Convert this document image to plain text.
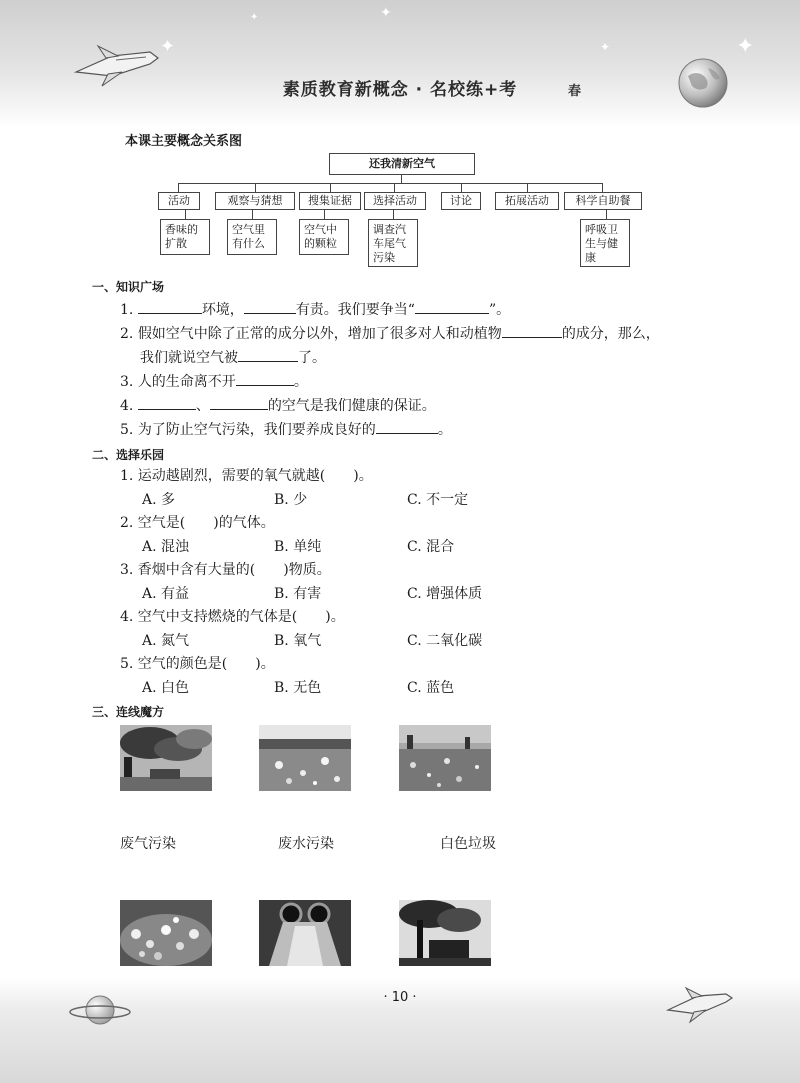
✦
✦	✦
✦
✦
素质教育新概念 · 名校练+考	春
本课主要概念关系图
还我清新空气
活动	观察与猜想	搜集证据	选择活动	讨论	拓展活动	科学自助餐
香味的扩散
空气里有什么
空气中的颗粒
调查汽车尾气污染
呼吸卫生与健康
一、知识广场
1.	环境，	有责。我们要争当“	”。
2. 假如空气中除了正常的成分以外，增加了很多对人和动植物	的成分，那么，
我们就说空气被	了。
3. 人的生命离不开	。
4.	、	的空气是我们健康的保证。
5. 为了防止空气污染，我们要养成良好的	。
二、选择乐园
1. 运动越剧烈，需要的氧气就越(　　)。
A. 多	B. 少	C. 不一定
2. 空气是(　　)的气体。
A. 混浊	B. 单纯	C. 混合
3. 香烟中含有大量的(　　)物质。
A. 有益	B. 有害	C. 增强体质
4. 空气中支持燃烧的气体是(　　)。
A. 氮气	B. 氧气	C. 二氧化碳
5. 空气的颜色是(　　)。
A. 白色	B. 无色	C. 蓝色
三、连线魔方
废气污染	废水污染	白色垃圾
· 10 ·
